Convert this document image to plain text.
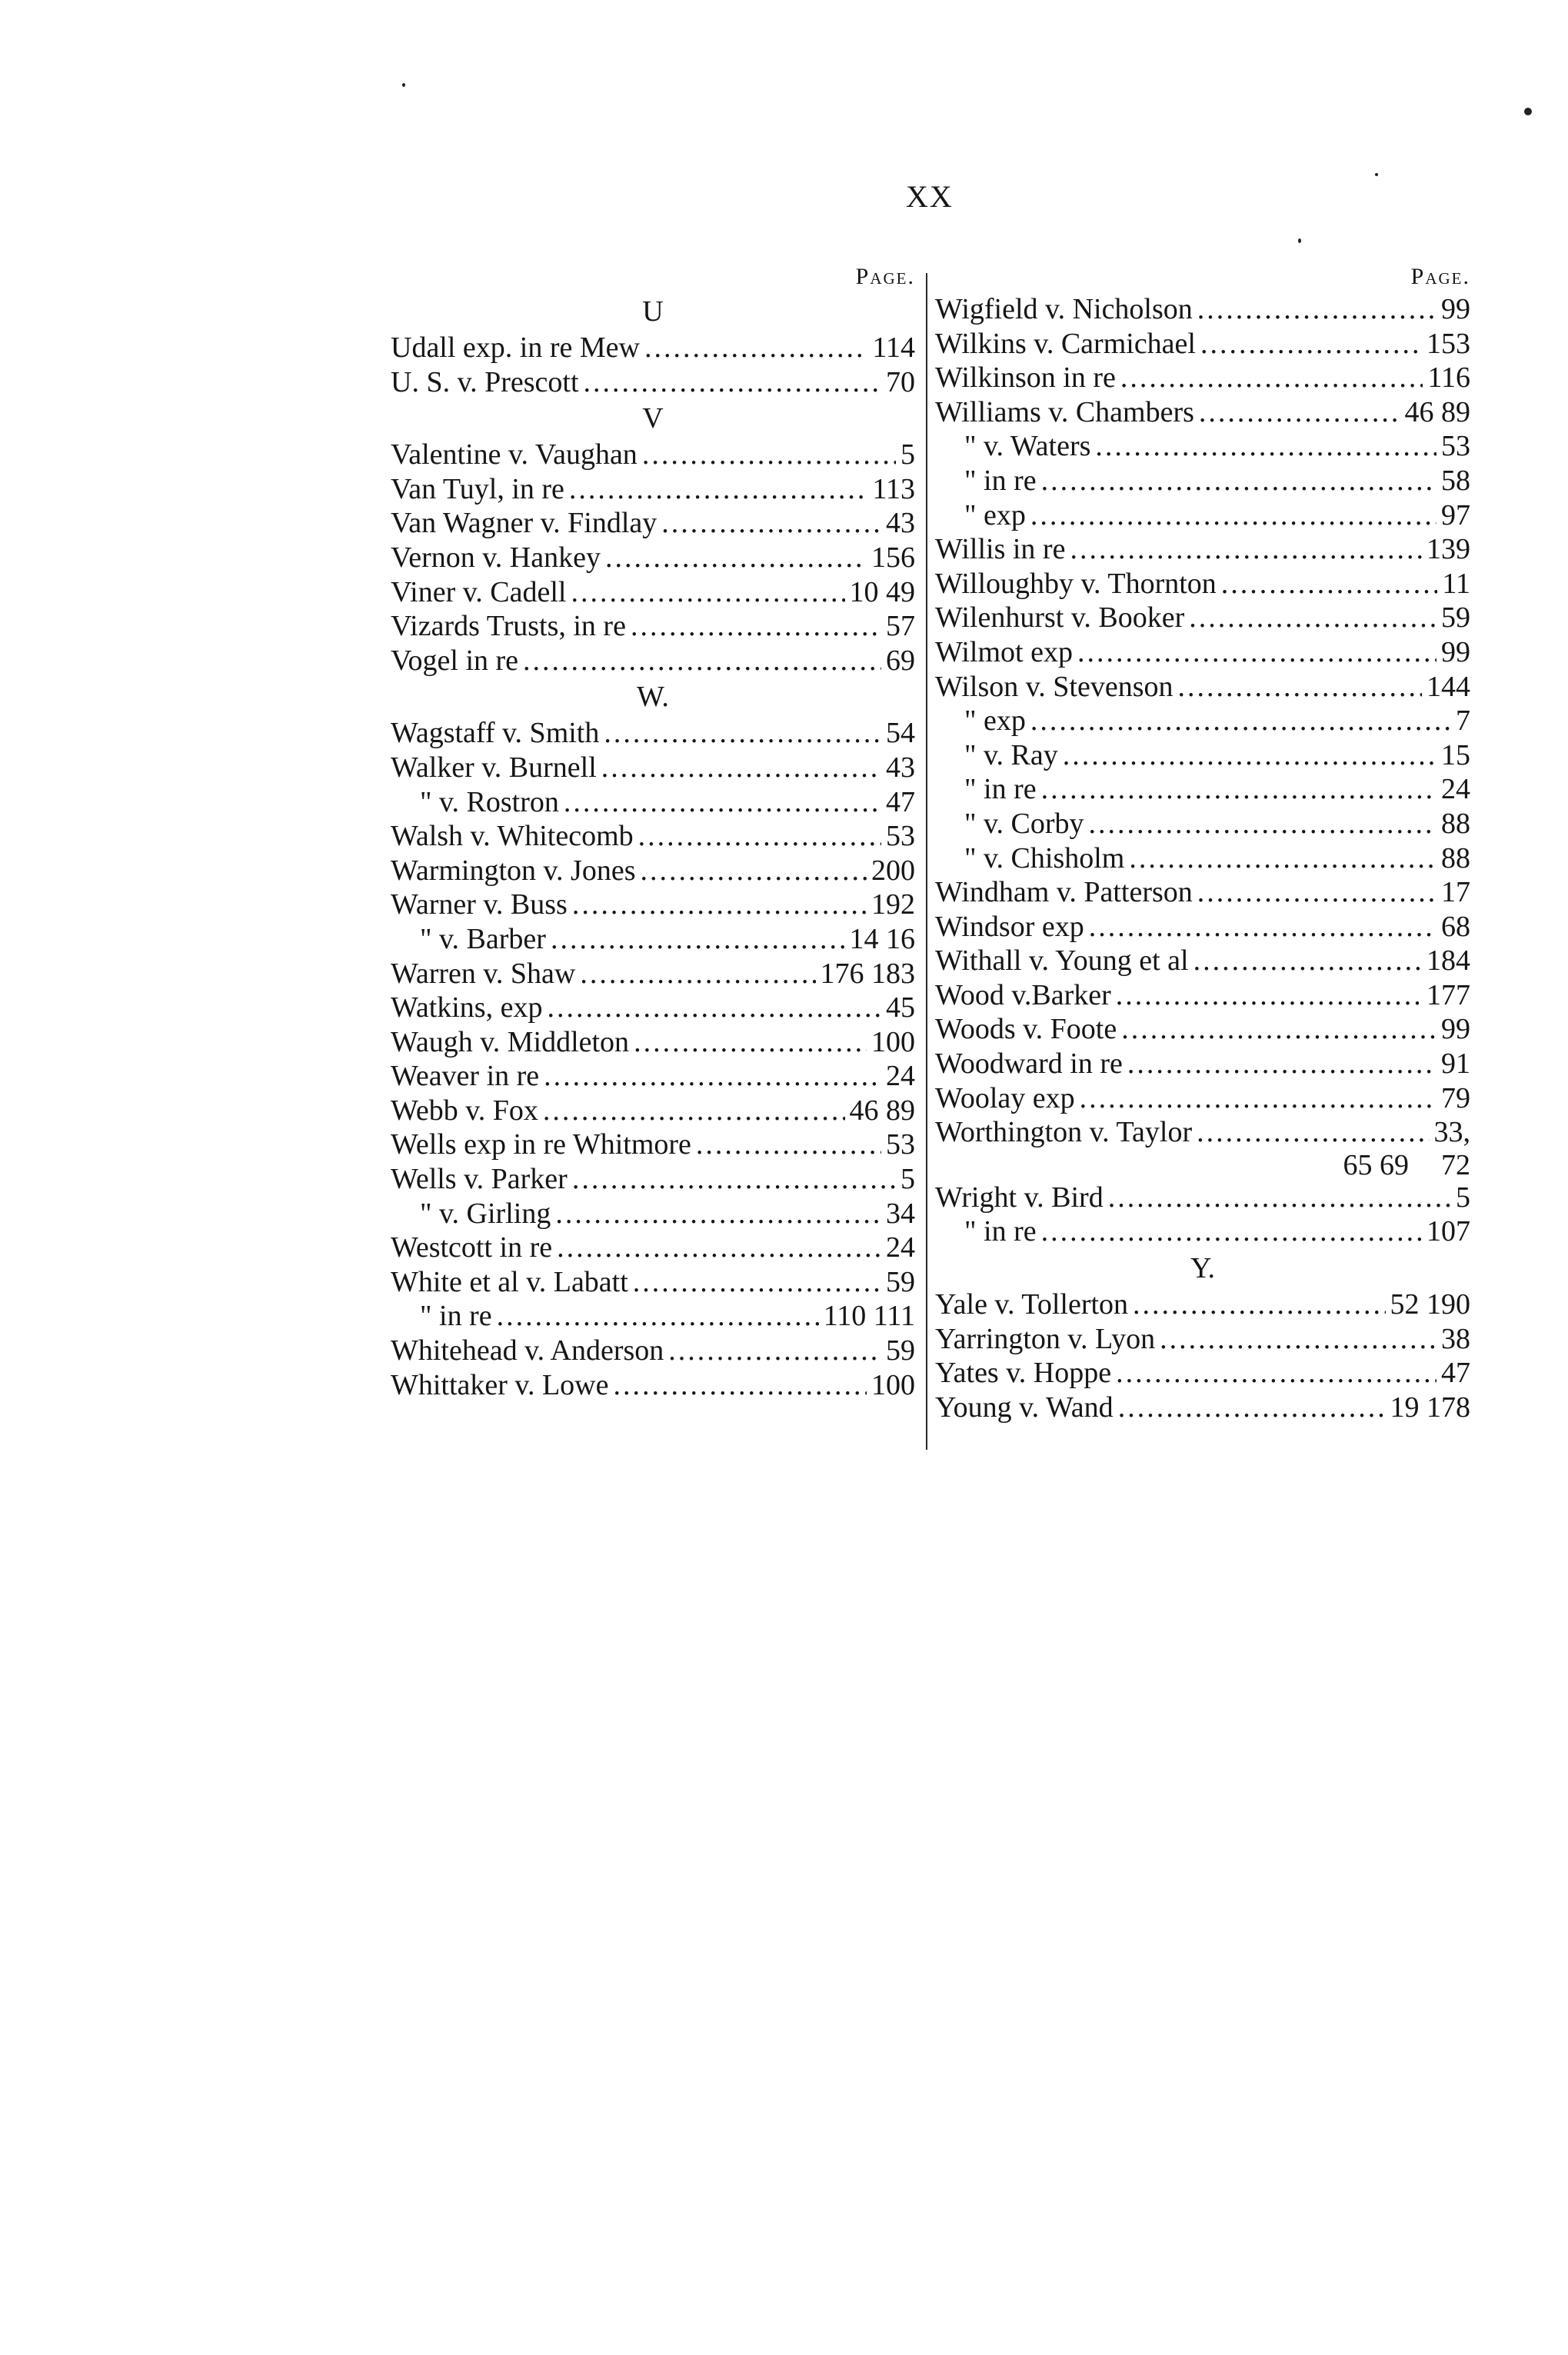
XX
Page.
U
Udall exp. in re Mew .....	114
U. S. v. Prescott .....	70
V
Valentine v. Vaughan .....	5
Van Tuyl, in re .....	113
Van Wagner v. Findlay .....	43
Vernon v. Hankey .....	156
Viner v. Cadell .....	10 49
Vizards Trusts, in re .....	57
Vogel in re .....	69
W.
Wagstaff v. Smith .....	54
Walker v. Burnell .....	43
" v. Rostron .....	47
Walsh v. Whitecomb .....	53
Warmington v. Jones .....	200
Warner v. Buss .....	192
" v. Barber .....	14 16
Warren v. Shaw .....	176 183
Watkins, exp .....	45
Waugh v. Middleton .....	100
Weaver in re .....	24
Webb v. Fox .....	46 89
Wells exp in re Whitmore .....	53
Wells v. Parker .....	5
" v. Girling .....	34
Westcott in re .....	24
White et al v. Labatt .....	59
" in re .....	110 111
Whitehead v. Anderson .....	59
Whittaker v. Lowe .....	100
Page.
Wigfield v. Nicholson .....	99
Wilkins v. Carmichael .....	153
Wilkinson in re .....	116
Williams v. Chambers .....	46 89
" v. Waters .....	53
" in re .....	58
" exp .....	97
Willis in re .....	139
Willoughby v. Thornton .....	11
Wilenhurst v. Booker .....	59
Wilmot exp .....	99
Wilson v. Stevenson .....	144
" exp .....	7
" v. Ray .....	15
" in re .....	24
" v. Corby .....	88
" v. Chisholm .....	88
Windham v. Patterson .....	17
Windsor exp .....	68
Withall v. Young et al .....	184
Wood v.Barker .....	177
Woods v. Foote .....	99
Woodward in re .....	91
Woolay exp .....	79
Worthington v. Taylor .....	33,
65 69 72
Wright v. Bird .....	5
" in re .....	107
Y.
Yale v. Tollerton .....	52 190
Yarrington v. Lyon .....	38
Yates v. Hoppe .....	47
Young v. Wand .....	19 178
